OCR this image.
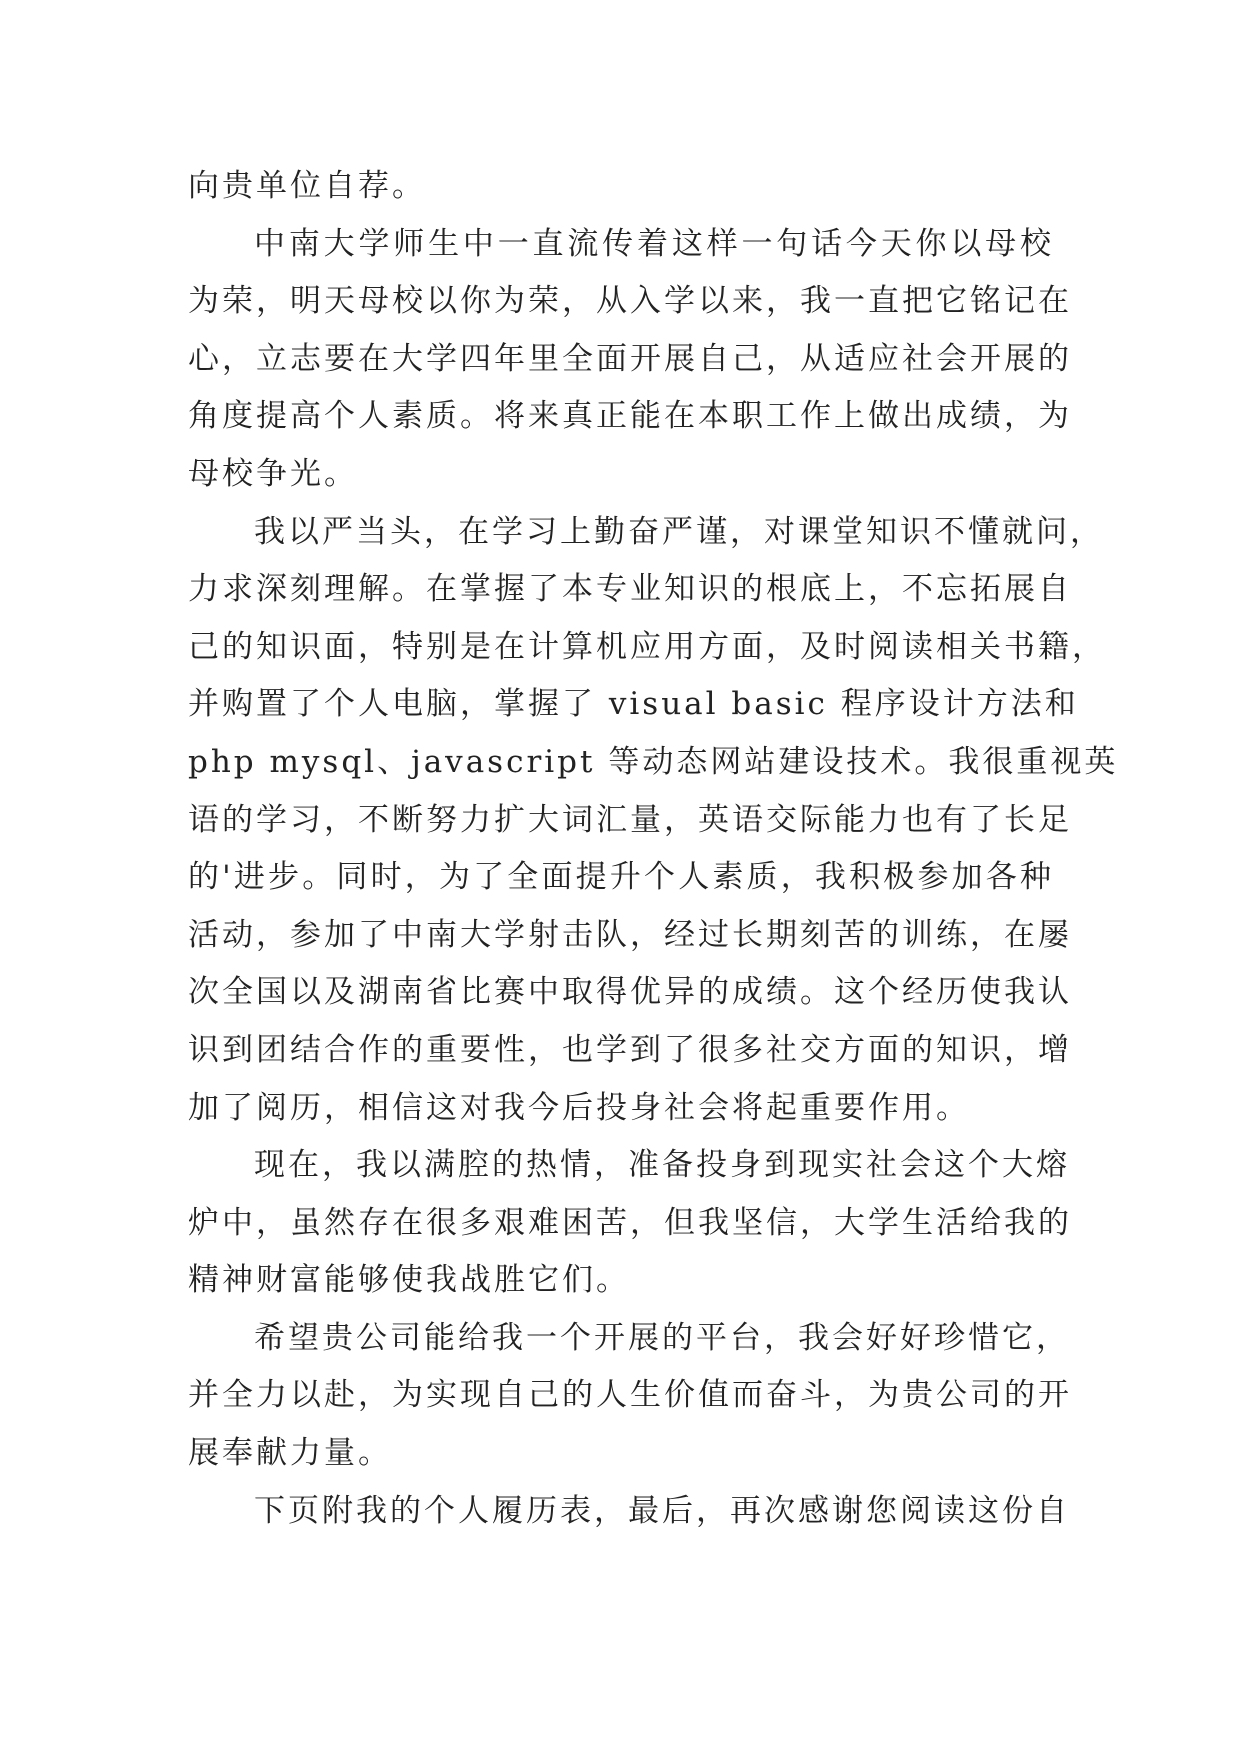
向贵单位自荐。
中南大学师生中一直流传着这样一句话今天你以母校
为荣，明天母校以你为荣，从入学以来，我一直把它铭记在
心，立志要在大学四年里全面开展自己，从适应社会开展的
角度提高个人素质。将来真正能在本职工作上做出成绩，为
母校争光。
我以严当头，在学习上勤奋严谨，对课堂知识不懂就问，
力求深刻理解。在掌握了本专业知识的根底上，不忘拓展自
己的知识面，特别是在计算机应用方面，及时阅读相关书籍，
并购置了个人电脑，掌握了 visual basic 程序设计方法和
php mysql、javascript 等动态网站建设技术。我很重视英
语的学习，不断努力扩大词汇量，英语交际能力也有了长足
的'进步。同时，为了全面提升个人素质，我积极参加各种
活动，参加了中南大学射击队，经过长期刻苦的训练，在屡
次全国以及湖南省比赛中取得优异的成绩。这个经历使我认
识到团结合作的重要性，也学到了很多社交方面的知识，增
加了阅历，相信这对我今后投身社会将起重要作用。
现在，我以满腔的热情，准备投身到现实社会这个大熔
炉中，虽然存在很多艰难困苦，但我坚信，大学生活给我的
精神财富能够使我战胜它们。
希望贵公司能给我一个开展的平台，我会好好珍惜它，
并全力以赴，为实现自己的人生价值而奋斗，为贵公司的开
展奉献力量。
下页附我的个人履历表，最后，再次感谢您阅读这份自
